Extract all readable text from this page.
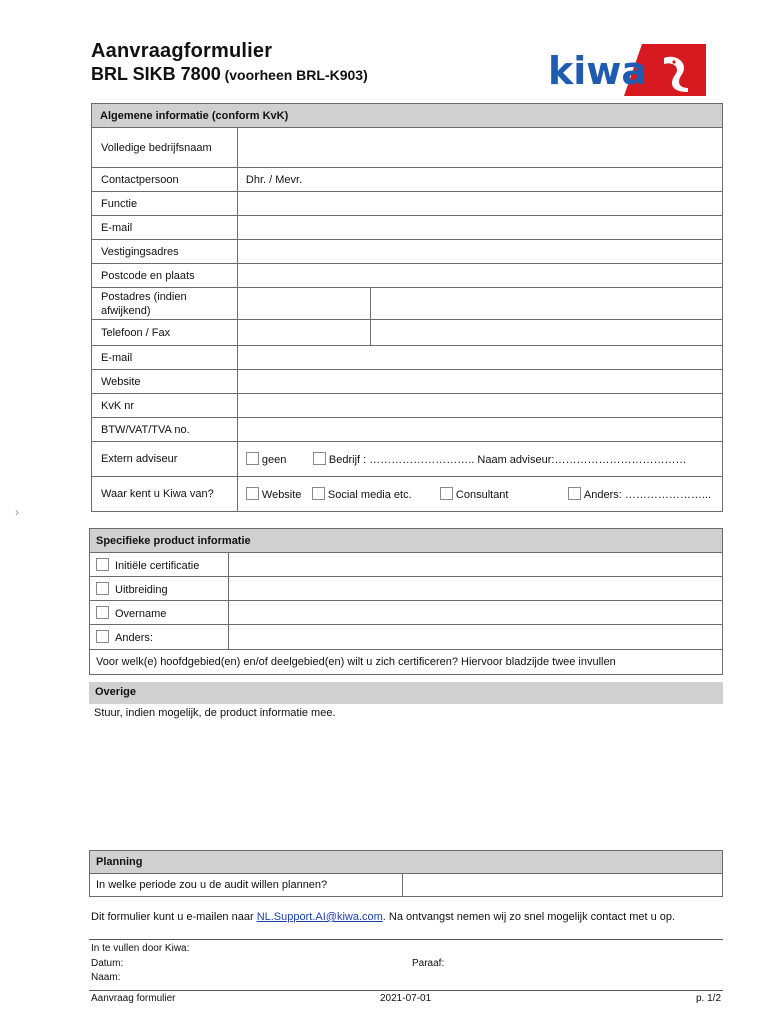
Aanvraagformulier
BRL SIKB 7800 (voorheen BRL-K903)	kiwa
Algemene informatie (conform KvK)		
Volledige bedrijfsnaam		
Contactpersoon	Dhr. / Mevr.	
Functie		
E-mail		
Vestigingsadres		
Postcode en plaats		
Postadres (indien afwijkend)		
Telefoon / Fax		
E-mail		
Website		
KvK nr		
BTW/VAT/TVA no.		
Extern adviseur	geen Bedrijf : ……………………….. Naam adviseur:………………………………	

Waar kent u Kiwa van?	Website Social media etc. Consultant Anders: …………………...	
›
Specifieke product informatie	
Initiële certificatie	
Uitbreiding	
Overname	
Anders:	
Voor welk(e) hoofdgebied(en) en/of deelgebied(en) wilt u zich certificeren? Hiervoor bladzijde twee invullen	
Overige
Stuur, indien mogelijk, de product informatie mee.
Planning
In welke periode zou u de audit willen plannen?	
Dit formulier kunt u e-mailen naar NL.Support.AI@kiwa.com. Na ontvangst nemen wij zo snel mogelijk contact met u op.
In te vullen door Kiwa:
Datum:	Paraaf:
Naam:
Aanvraag formulier	2021-07-01	p. 1/2
